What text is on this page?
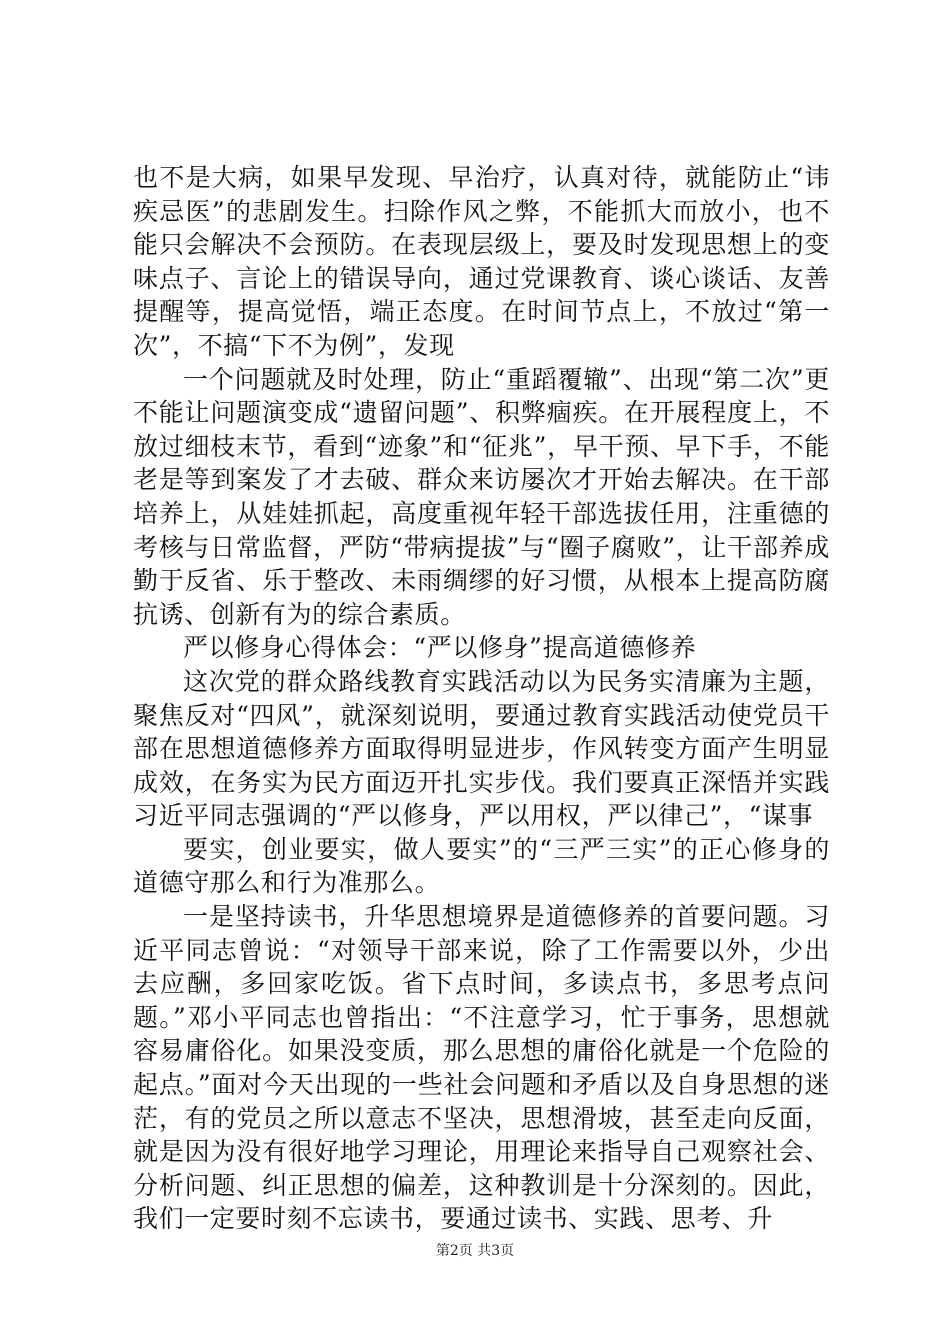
也不是大病，如果早发现、早治疗，认真对待，就能防止“讳疾忌医”的悲剧发生。扫除作风之弊，不能抓大而放小，也不能只会解决不会预防。在表现层级上，要及时发现思想上的变味点子、言论上的错误导向，通过党课教育、谈心谈话、友善提醒等，提高觉悟，端正态度。在时间节点上，不放过“第一次”，不搞“下不为例”，发现

一个问题就及时处理，防止“重蹈覆辙”、出现“第二次”更不能让问题演变成“遗留问题”、积弊痼疾。在开展程度上，不放过细枝末节，看到“迹象”和“征兆”，早干预、早下手，不能老是等到案发了才去破、群众来访屡次才开始去解决。在干部培养上，从娃娃抓起，高度重视年轻干部选拔任用，注重德的考核与日常监督，严防“带病提拔”与“圈子腐败”，让干部养成勤于反省、乐于整改、未雨绸缪的好习惯，从根本上提高防腐抗诱、创新有为的综合素质。

严以修身心得体会：“严以修身”提高道德修养

这次党的群众路线教育实践活动以为民务实清廉为主题，聚焦反对“四风”，就深刻说明，要通过教育实践活动使党员干部在思想道德修养方面取得明显进步，作风转变方面产生明显成效，在务实为民方面迈开扎实步伐。我们要真正深悟并实践习近平同志强调的“严以修身，严以用权，严以律己”，“谋事

要实，创业要实，做人要实”的“三严三实”的正心修身的道德守那么和行为准那么。

一是坚持读书，升华思想境界是道德修养的首要问题。习近平同志曾说：“对领导干部来说，除了工作需要以外，少出去应酬，多回家吃饭。省下点时间，多读点书，多思考点问题。”邓小平同志也曾指出：“不注意学习，忙于事务，思想就容易庸俗化。如果没变质，那么思想的庸俗化就是一个危险的起点。”面对今天出现的一些社会问题和矛盾以及自身思想的迷茫，有的党员之所以意志不坚决，思想滑坡，甚至走向反面，就是因为没有很好地学习理论，用理论来指导自己观察社会、分析问题、纠正思想的偏差，这种教训是十分深刻的。因此，我们一定要时刻不忘读书，要通过读书、实践、思考、升

第2页 共3页
